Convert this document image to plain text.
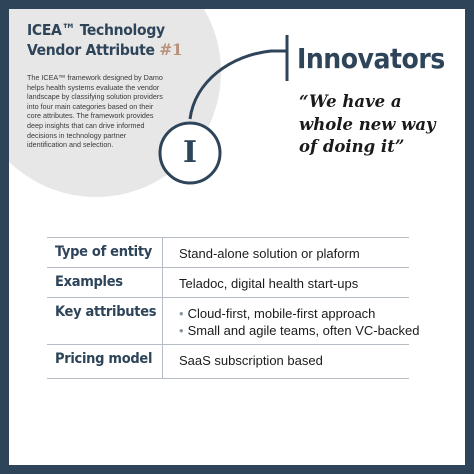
ICEA™ Technology
Vendor Attribute #1
The ICEA™ framework designed by Damo helps health systems evaluate the vendor landscape by classifying solution providers into four main categories based on their core attributes. The framework provides deep insights that can drive informed decisions in technology partner identification and selection.	I
Innovators
“We have a whole new way of doing it”
Type of entity	Stand-alone solution or plaform
Examples	Teladoc, digital health start-ups
Key attributes	• Cloud-first, mobile-first approach
• Small and agile teams, often VC-backed
Pricing model	SaaS subscription based
